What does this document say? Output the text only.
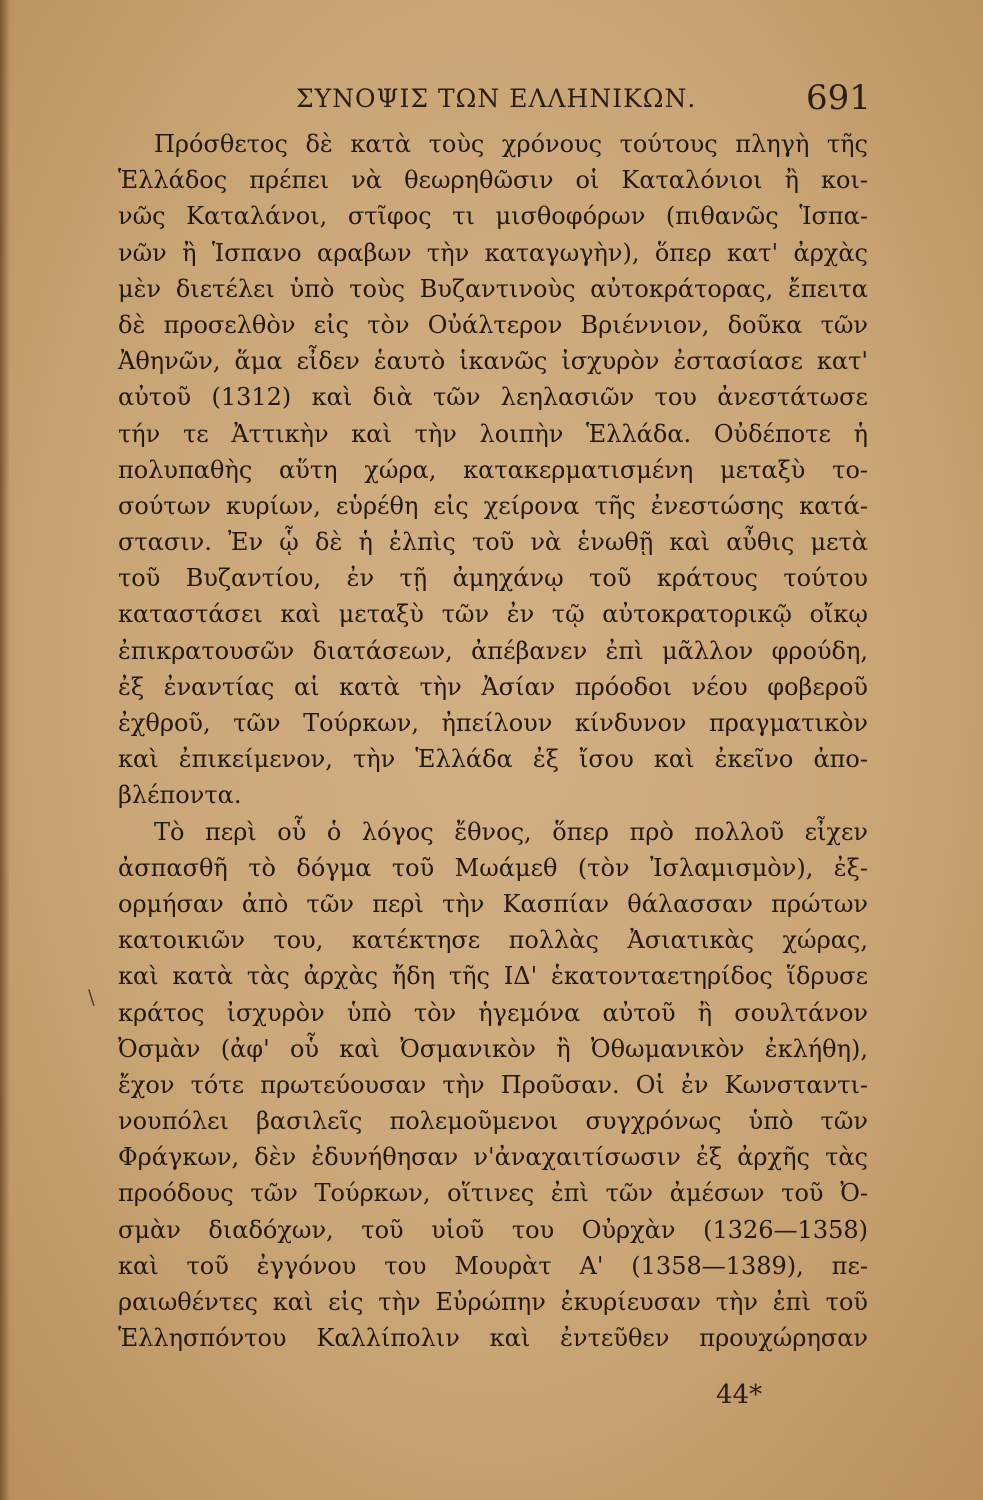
ΣΥΝΟΨΙΣ ΤΩΝ ΕΛΛΗΝΙΚΩΝ.	691
Πρόσθετος δὲ κατὰ τοὺς χρόνους τούτους πληγὴ τῆς
Ἑλλάδος πρέπει νὰ θεωρηθῶσιν οἱ Καταλόνιοι ἢ κοι-
νῶς Καταλάνοι, στῖφος τι μισθοφόρων (πιθανῶς Ἱσπα-
νῶν ἢ Ἱσπανο αραβων τὴν καταγωγὴν), ὅπερ κατ' ἀρχὰς
μὲν διετέλει ὑπὸ τοὺς Βυζαντινοὺς αὐτοκράτορας, ἔπειτα
δὲ προσελθὸν εἰς τὸν Οὐάλτερον Βριέννιον, δοῦκα τῶν
Ἀθηνῶν, ἅμα εἶδεν ἑαυτὸ ἱκανῶς ἰσχυρὸν ἐστασίασε κατ'
αὐτοῦ (1312) καὶ διὰ τῶν λεηλασιῶν του ἀνεστάτωσε
τήν τε Ἀττικὴν καὶ τὴν λοιπὴν Ἑλλάδα. Οὐδέποτε ἡ
πολυπαθὴς αὕτη χώρα, κατακερματισμένη μεταξὺ το-
σούτων κυρίων, εὑρέθη εἰς χείρονα τῆς ἐνεστώσης κατά-
στασιν. Ἐν ᾧ δὲ ἡ ἐλπὶς τοῦ νὰ ἑνωθῇ καὶ αὖθις μετὰ
τοῦ Βυζαντίου, ἐν τῇ ἀμηχάνῳ τοῦ κράτους τούτου
καταστάσει καὶ μεταξὺ τῶν ἐν τῷ αὐτοκρατορικῷ οἴκῳ
ἐπικρατουσῶν διατάσεων, ἀπέβανεν ἐπὶ μᾶλλον φρούδη,
ἐξ ἐναντίας αἱ κατὰ τὴν Ἀσίαν πρόοδοι νέου φοβεροῦ
ἐχθροῦ, τῶν Τούρκων, ἠπείλουν κίνδυνον πραγματικὸν
καὶ ἐπικείμενον, τὴν Ἑλλάδα ἐξ ἴσου καὶ ἐκεῖνο ἀπο-
βλέποντα.
Τὸ περὶ οὗ ὁ λόγος ἔθνος, ὅπερ πρὸ πολλοῦ εἶχεν
ἀσπασθῆ τὸ δόγμα τοῦ Μωάμεθ (τὸν Ἰσλαμισμὸν), ἐξ-
ορμήσαν ἀπὸ τῶν περὶ τὴν Κασπίαν θάλασσαν πρώτων
κατοικιῶν του, κατέκτησε πολλὰς Ἀσιατικὰς χώρας,
καὶ κατὰ τὰς ἀρχὰς ἤδη τῆς ΙΔ' ἑκατονταετηρίδος ἵδρυσε
κράτος ἰσχυρὸν ὑπὸ τὸν ἡγεμόνα αὐτοῦ ἢ σουλτάνον
Ὀσμὰν (ἀφ' οὗ καὶ Ὀσμανικὸν ἢ Ὀθωμανικὸν ἐκλήθη),
ἔχον τότε πρωτεύουσαν τὴν Προῦσαν. Οἱ ἐν Κωνσταντι-
νουπόλει βασιλεῖς πολεμοῦμενοι συγχρόνως ὑπὸ τῶν
Φράγκων, δὲν ἐδυνήθησαν ν'ἀναχαιτίσωσιν ἐξ ἀρχῆς τὰς
προόδους τῶν Τούρκων, οἵτινες ἐπὶ τῶν ἀμέσων τοῦ Ὀ-
σμὰν διαδόχων, τοῦ υἱοῦ του Οὐρχὰν (1326—1358)
καὶ τοῦ ἐγγόνου του Μουρὰτ Α' (1358—1389), πε-
ραιωθέντες καὶ εἰς τὴν Εὐρώπην ἐκυρίευσαν τὴν ἐπὶ τοῦ
Ἑλλησπόντου Καλλίπολιν καὶ ἐντεῦθεν προυχώρησαν
\
44*
